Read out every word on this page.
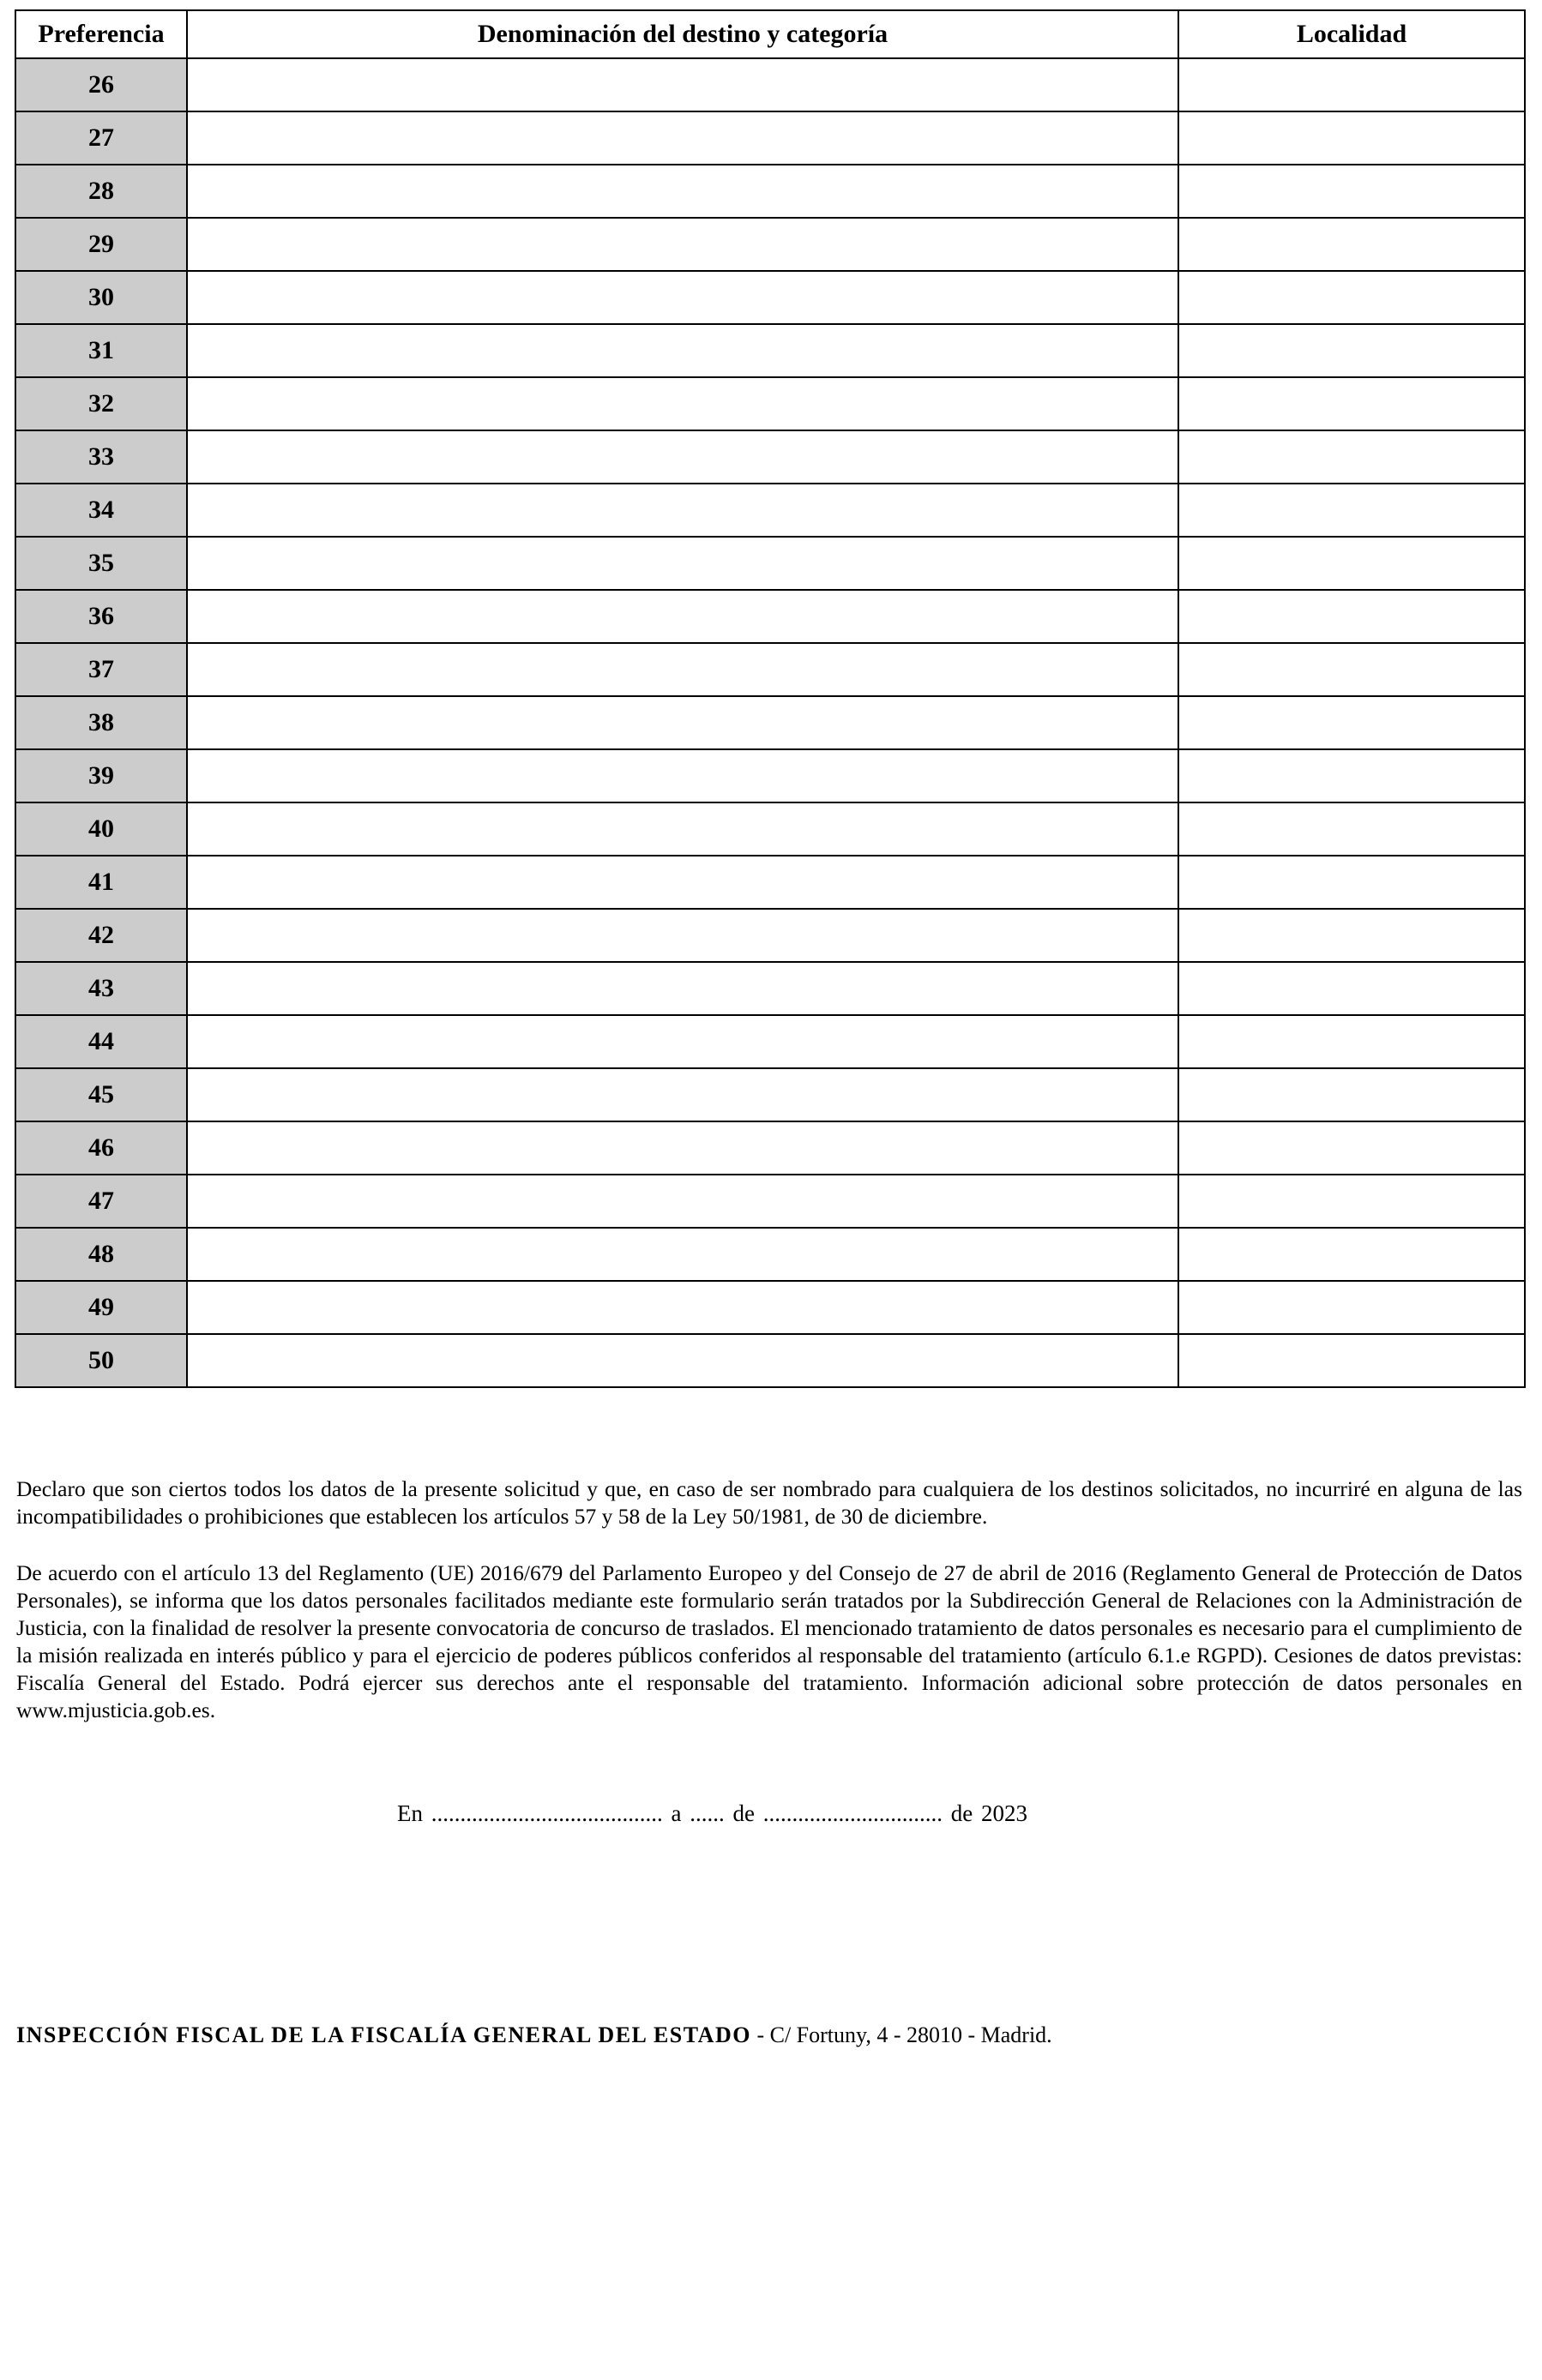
Preferencia	Denominación del destino y categoría	Localidad
26		
27		
28		
29		
30		
31		
32		
33		
34		
35		
36		
37		
38		
39		
40		
41		
42		
43		
44		
45		
46		
47		
48		
49		
50		

Declaro que son ciertos todos los datos de la presente solicitud y que, en caso de ser nombrado para cualquiera de los destinos solicitados, no incurriré en alguna de las incompatibilidades o prohibiciones que establecen los artículos 57 y 58 de la Ley 50/1981, de 30 de diciembre.

De acuerdo con el artículo 13 del Reglamento (UE) 2016/679 del Parlamento Europeo y del Consejo de 27 de abril de 2016 (Reglamento General de Protección de Datos Personales), se informa que los datos personales facilitados mediante este formulario serán tratados por la Subdirección General de Relaciones con la Administración de Justicia, con la finalidad de resolver la presente convocatoria de concurso de traslados. El mencionado tratamiento de datos personales es necesario para el cumplimiento de la misión realizada en interés público y para el ejercicio de poderes públicos conferidos al responsable del tratamiento (artículo 6.1.e RGPD). Cesiones de datos previstas: Fiscalía General del Estado. Podrá ejercer sus derechos ante el responsable del tratamiento. Información adicional sobre protección de datos personales en www.mjusticia.gob.es.

En ........................................ a ...... de ............................... de 2023
INSPECCIÓN FISCAL DE LA FISCALÍA GENERAL DEL ESTADO - C/ Fortuny, 4 - 28010 - Madrid.
